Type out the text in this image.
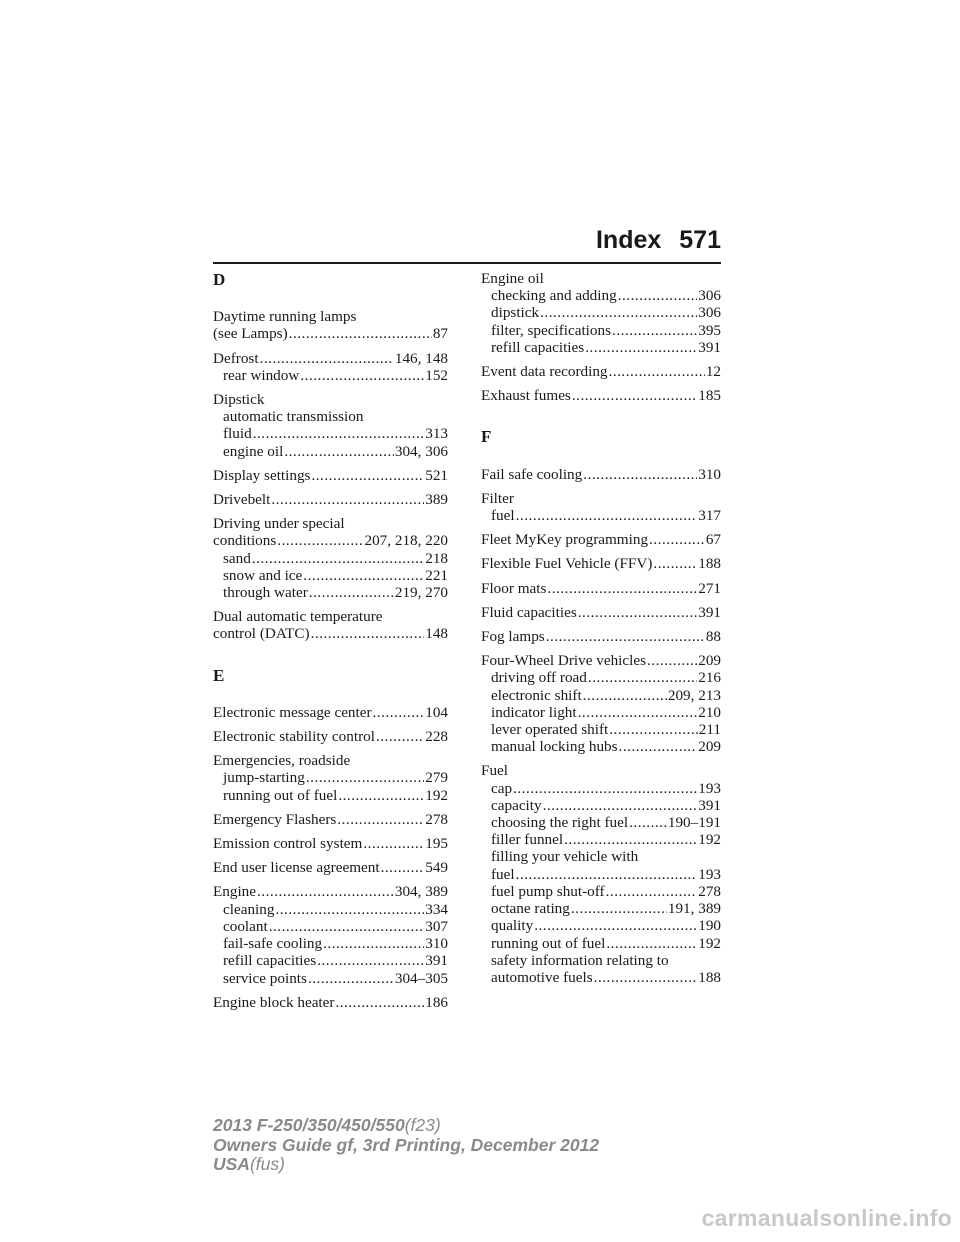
Index 571
D
Daytime running lamps
(see Lamps) .....	87
Defrost .....	146, 148
rear window .....	152
Dipstick
automatic transmission
fluid .....	313
engine oil .....	304, 306
Display settings .....	521
Drivebelt .....	389
Driving under special
conditions .....	207, 218, 220
sand .....	218
snow and ice .....	221
through water .....	219, 270
Dual automatic temperature
control (DATC) .....	148
E
Electronic message center .....	104
Electronic stability control .....	228
Emergencies, roadside
jump-starting .....	279
running out of fuel .....	192
Emergency Flashers .....	278
Emission control system .....	195
End user license agreement .....	549
Engine .....	304, 389
cleaning .....	334
coolant .....	307
fail-safe cooling .....	310
refill capacities .....	391
service points .....	304–305
Engine block heater .....	186
Engine oil
checking and adding .....	306
dipstick .....	306
filter, specifications .....	395
refill capacities .....	391
Event data recording .....	12
Exhaust fumes .....	185
F
Fail safe cooling .....	310
Filter
fuel .....	317
Fleet MyKey programming .....	67
Flexible Fuel Vehicle (FFV) .....	188
Floor mats .....	271
Fluid capacities .....	391
Fog lamps .....	88
Four-Wheel Drive vehicles .....	209
driving off road .....	216
electronic shift .....	209, 213
indicator light .....	210
lever operated shift .....	211
manual locking hubs .....	209
Fuel
cap .....	193
capacity .....	391
choosing the right fuel .....	190–191
filler funnel .....	192
filling your vehicle with
fuel .....	193
fuel pump shut-off .....	278
octane rating .....	191, 389
quality .....	190
running out of fuel .....	192
safety information relating to
automotive fuels .....	188
2013 F-250/350/450/550(f23)
Owners Guide gf, 3rd Printing, December 2012
USA(fus)
carmanualsonline.info
